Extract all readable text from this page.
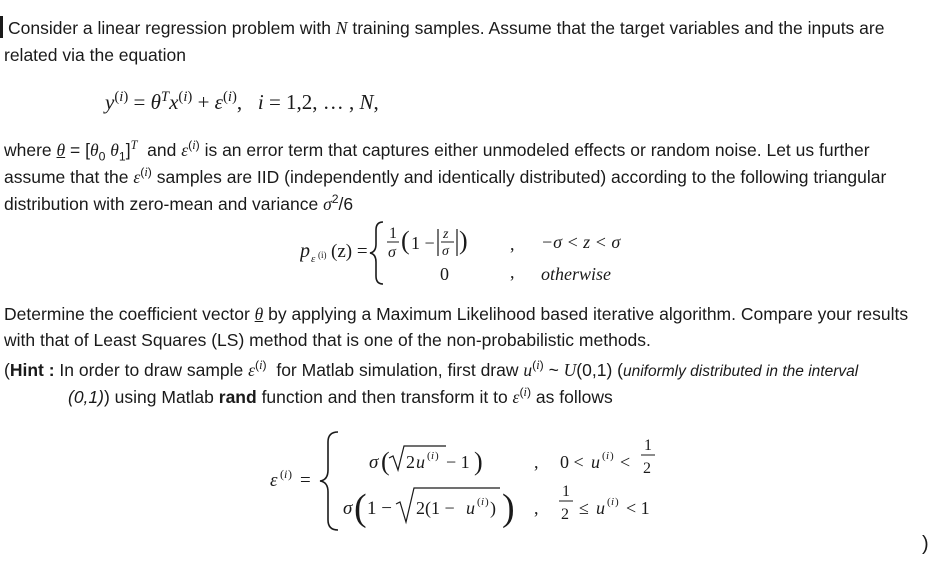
Consider a linear regression problem with N training samples. Assume that the target variables and the inputs are
related via the equation
$y^{(i)} = \theta^Tx^{(i)} + \varepsilon^{(i)}$,   i = 1,2, … , N,
where $\theta = [\theta_0$ $\theta_1]^T$  and $\varepsilon^{(i)}$ is an error term that captures either unmodeled effects or random noise. Let us further
assume that the $\varepsilon^{(i)}$ samples are IID (independently and identically distributed) according to the following triangular
distribution with zero-mean and variance $\sigma^2/6$
p ε (i) (z) =
1
σ ( 1 − z
σ ) , −σ < z < σ
0	, otherwise
Determine the coefficient vector θ by applying a Maximum Likelihood based iterative algorithm. Compare your results
with that of Least Squares (LS) method that is one of the non-probabilistic methods.
(Hint : In order to draw sample $\varepsilon^{(i)}$  for Matlab simulation, first draw $u^{(i)}$ ~ U(0,1) (uniformly distributed in the interval
(0,1)) using Matlab rand function and then transform it to $\varepsilon^{(i)}$ as follows
ε ( i ) =
σ ( 2 u ( i ) − 1 )	, 0 < u ( i ) <
1
2
σ ( 1 − 2(1 − u ( i ) ) ) ,
1
2 ≤ u ( i ) < 1
)
